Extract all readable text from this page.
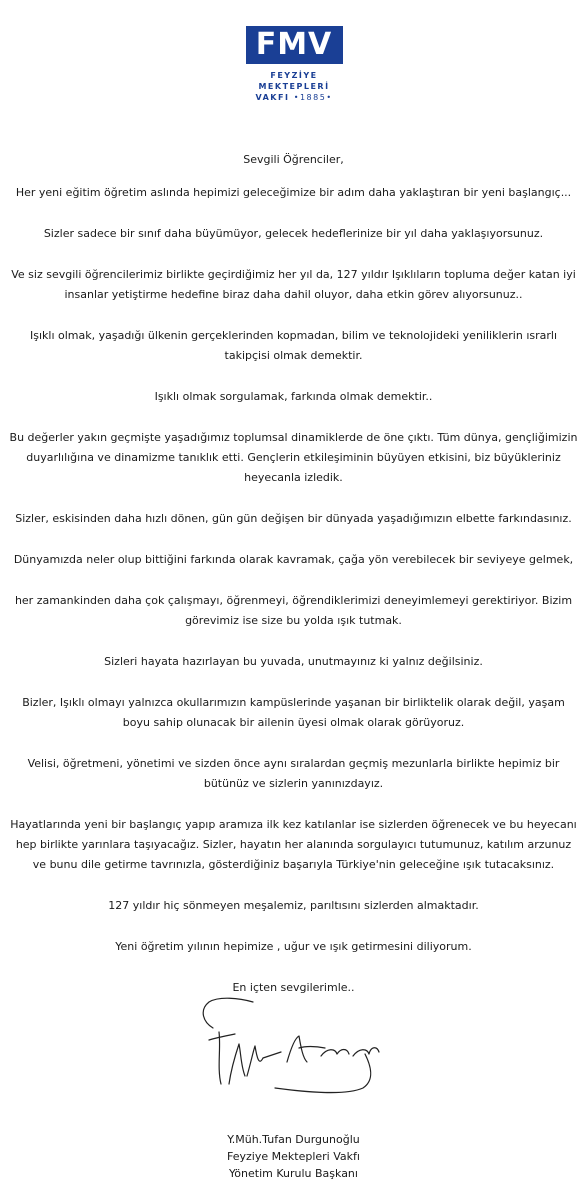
FMV
FEYZİYE
MEKTEPLERİ
VAKFI •1885•

Sevgili Öğrenciler,

Her yeni eğitim öğretim aslında hepimizi geleceğimize bir adım daha yaklaştıran bir yeni başlangıç...

Sizler sadece bir sınıf daha büyümüyor, gelecek hedeflerinize bir yıl daha yaklaşıyorsunuz.

Ve siz sevgili öğrencilerimiz birlikte geçirdiğimiz her yıl da, 127 yıldır Işıklıların topluma değer katan iyi insanlar yetiştirme hedefine biraz daha dahil oluyor, daha etkin görev alıyorsunuz..

Işıklı olmak, yaşadığı ülkenin gerçeklerinden kopmadan, bilim ve teknolojideki yeniliklerin ısrarlı takipçisi olmak demektir.

Işıklı olmak sorgulamak, farkında olmak demektir..

Bu değerler yakın geçmişte yaşadığımız toplumsal dinamiklerde de öne çıktı. Tüm dünya, gençliğimizin duyarlılığına ve dinamizme tanıklık etti. Gençlerin etkileşiminin büyüyen etkisini, biz büyükleriniz heyecanla izledik.

Sizler, eskisinden daha hızlı dönen, gün gün değişen bir dünyada yaşadığımızın elbette farkındasınız.

Dünyamızda neler olup bittiğini farkında olarak kavramak, çağa yön verebilecek bir seviyeye gelmek,

her zamankinden daha çok çalışmayı, öğrenmeyi, öğrendiklerimizi deneyimlemeyi gerektiriyor. Bizim görevimiz ise size bu yolda ışık tutmak.

Sizleri hayata hazırlayan bu yuvada, unutmayınız ki yalnız değilsiniz.

Bizler, Işıklı olmayı yalnızca okullarımızın kampüslerinde yaşanan bir birliktelik olarak değil, yaşam boyu sahip olunacak bir ailenin üyesi olmak olarak görüyoruz.

Velisi, öğretmeni, yönetimi ve sizden önce aynı sıralardan geçmiş mezunlarla birlikte hepimiz bir bütünüz ve sizlerin yanınızdayız.

Hayatlarında yeni bir başlangıç yapıp aramıza ilk kez katılanlar ise sizlerden öğrenecek ve bu heyecanı hep birlikte yarınlara taşıyacağız. Sizler, hayatın her alanında sorgulayıcı tutumunuz, katılım arzunuz ve bunu dile getirme tavrınızla, gösterdiğiniz başarıyla Türkiye'nin geleceğine ışık tutacaksınız.

127 yıldır hiç sönmeyen meşalemiz, parıltısını sizlerden almaktadır.

Yeni öğretim yılının hepimize , uğur ve ışık getirmesini diliyorum.

En içten sevgilerimle..

Y.Müh.Tufan Durgunoğlu
Feyziye Mektepleri Vakfı
Yönetim Kurulu Başkanı
